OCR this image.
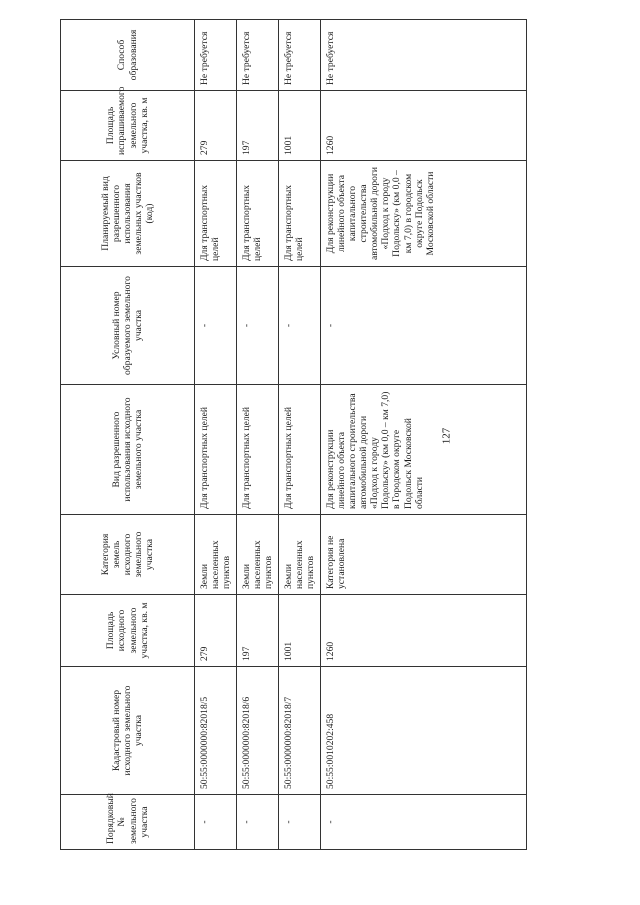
127
Порядковый № земельного участка	Кадастровый номер исходного земельного участка	Площадь исходного земельного участка, кв. м	Категория земель исходного земельного участка	Вид разрешенного использования исходного земельного участка	Условный номер образуемого земельного участка	Планируемый вид разрешенного использования земельных участков (код)	Площадь испрашиваемого земельного участка, кв. м	Способ образования
-	50:55:0000000:82018/5	279	Земли населенных пунктов	Для транспортных целей	-	Для транспортных целей	279	Не требуется
-	50:55:0000000:82018/6	197	Земли населенных пунктов	Для транспортных целей	-	Для транспортных целей	197	Не требуется
-	50:55:0000000:82018/7	1001	Земли населенных пунктов	Для транспортных целей	-	Для транспортных целей	1001	Не требуется
-	50:55:0010202:458	1260	Категория не установлена	Для реконструкции линейного объекта капитального строительства автомобильной дороги «Подход к городу Подольску» (км 0,0 – км 7,0) в Городском округе Подольск Московской области	-	Для реконструкции линейного объекта капитального строительства автомобильной дороги «Подход к городу Подольску» (км 0,0 – км 7,0) в городском округе Подольск Московской области	1260	Не требуется
